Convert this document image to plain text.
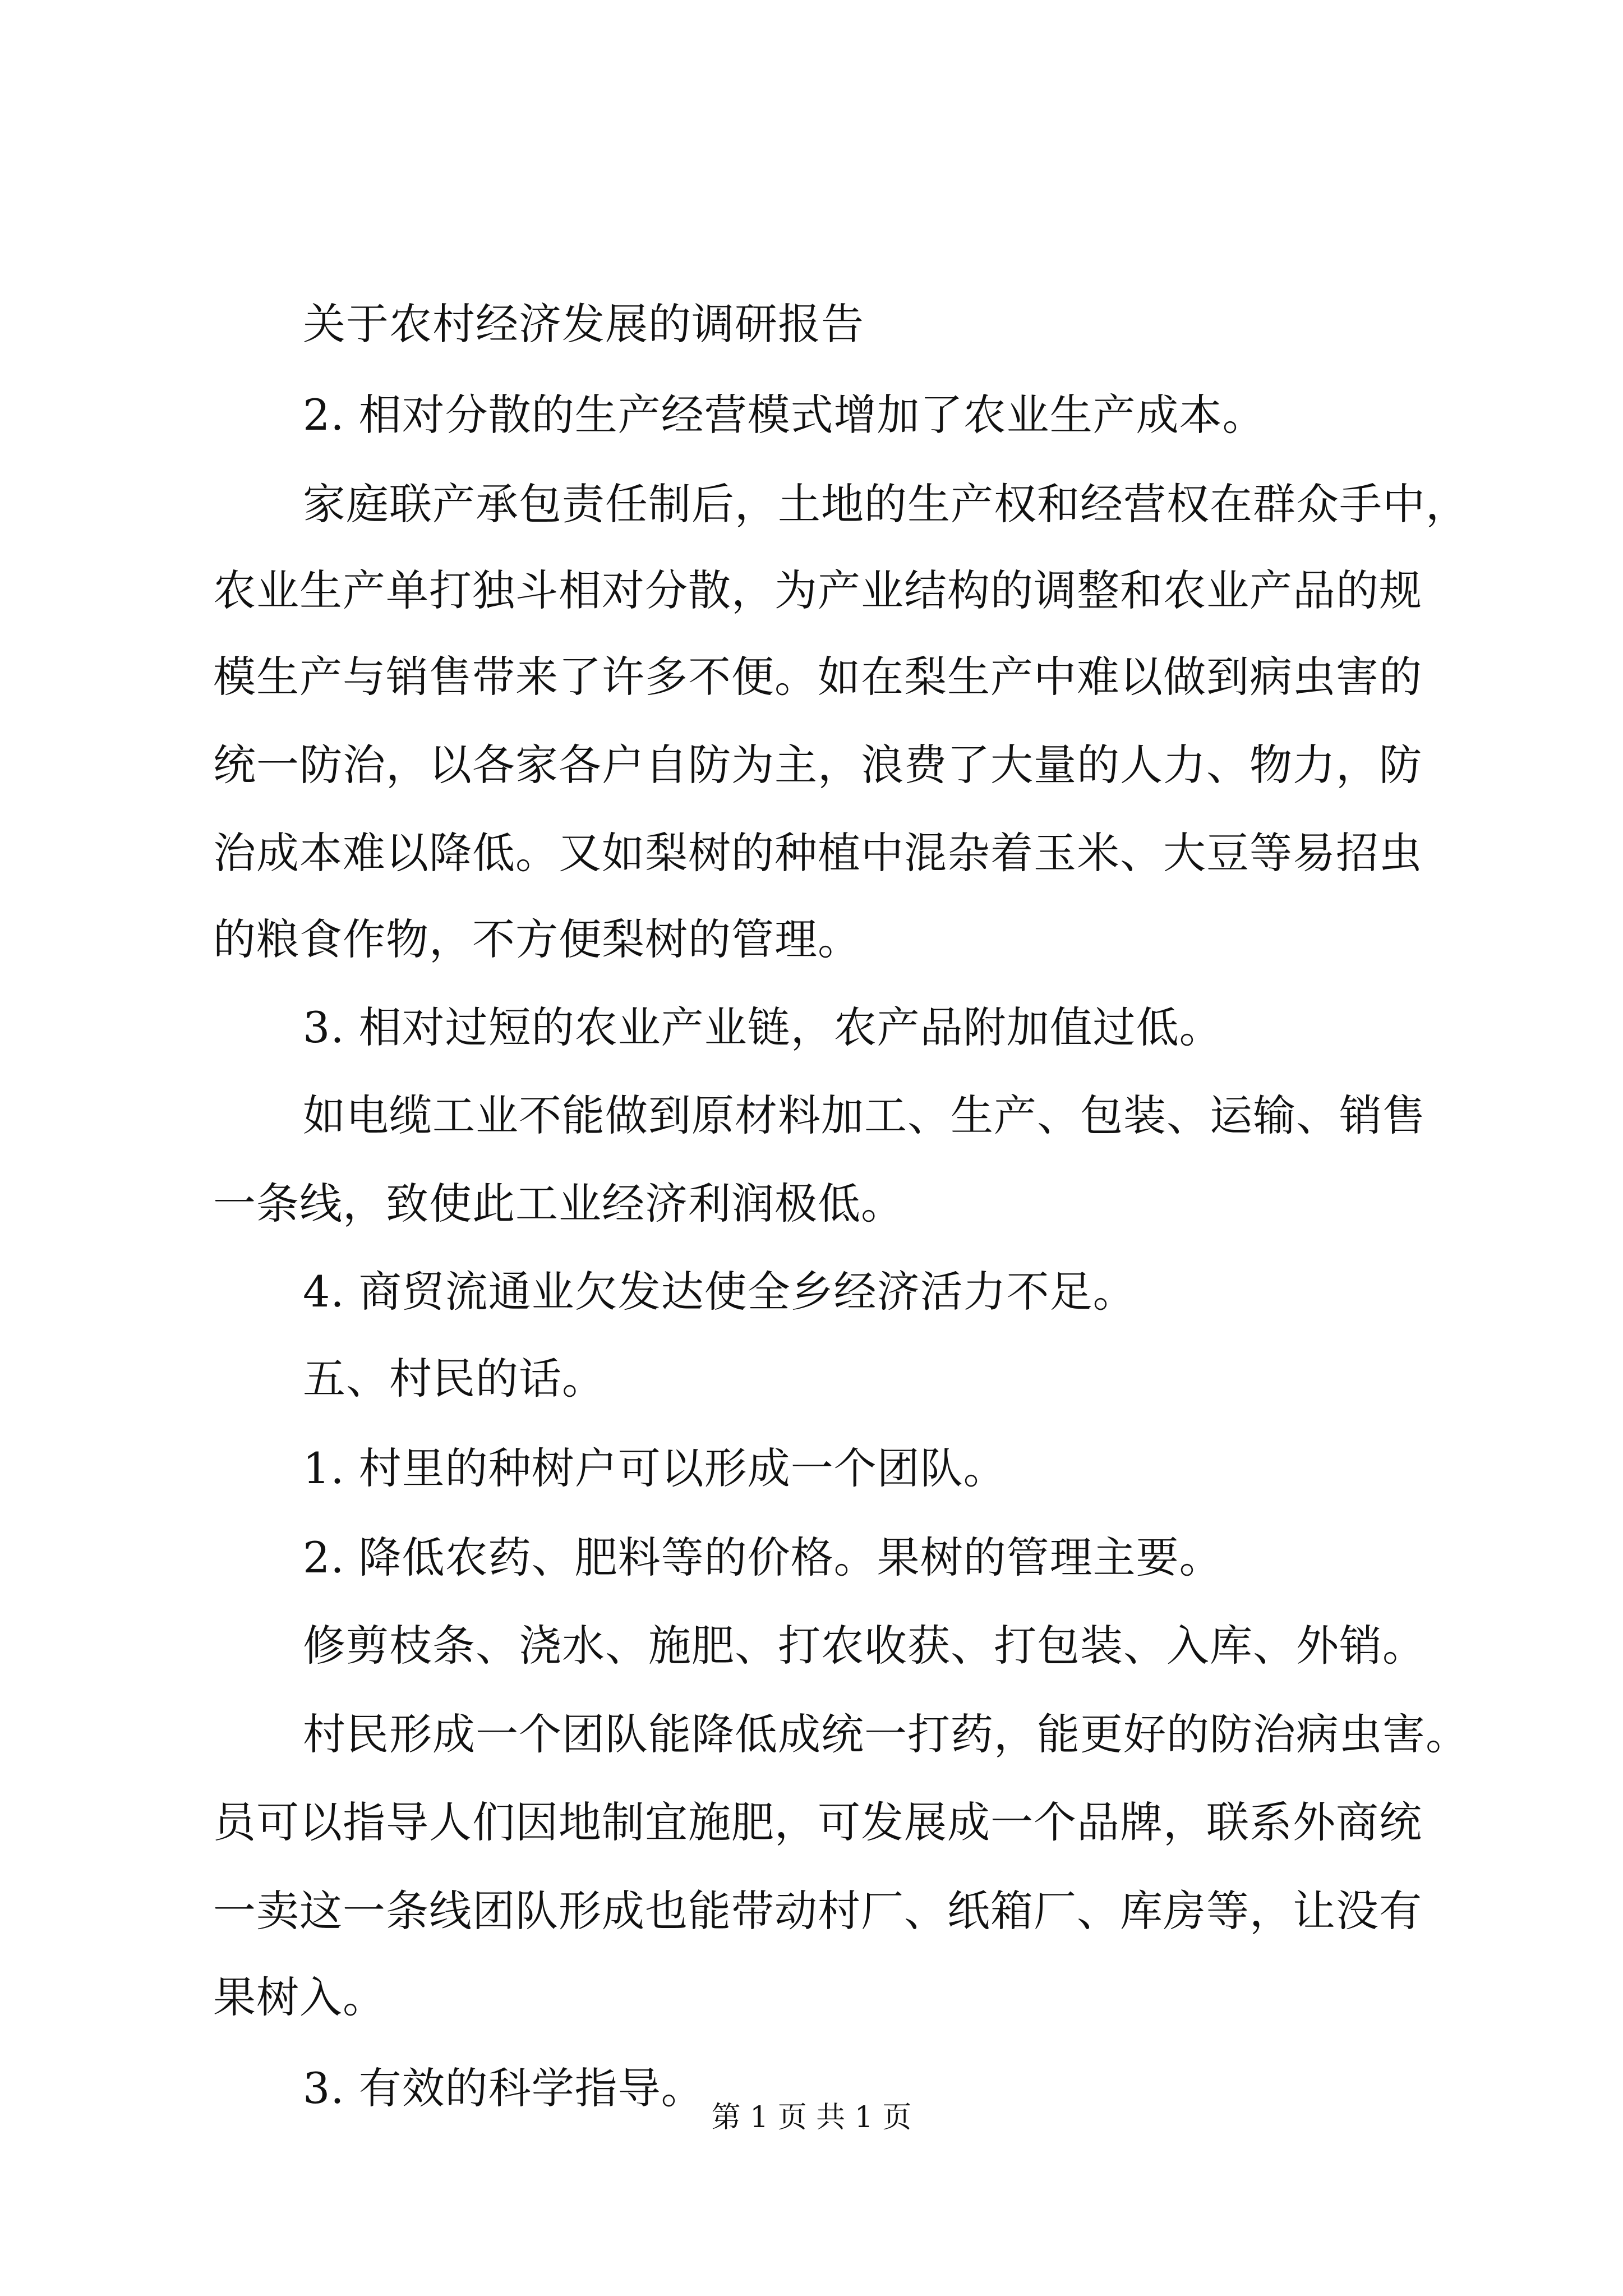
关于农村经济发展的调研报告
2. 相对分散的生产经营模式增加了农业生产成本。
家庭联产承包责任制后，土地的生产权和经营权在群众手中，
农业生产单打独斗相对分散，为产业结构的调整和农业产品的规
模生产与销售带来了许多不便。如在梨生产中难以做到病虫害的
统一防治，以各家各户自防为主，浪费了大量的人力、物力，防
治成本难以降低。又如梨树的种植中混杂着玉米、大豆等易招虫
的粮食作物，不方便梨树的管理。
3. 相对过短的农业产业链，农产品附加值过低。
如电缆工业不能做到原材料加工、生产、包装、运输、销售
一条线，致使此工业经济利润极低。
4. 商贸流通业欠发达使全乡经济活力不足。
五、村民的话。
1. 村里的种树户可以形成一个团队。
2. 降低农药、肥料等的价格。果树的管理主要。
修剪枝条、浇水、施肥、打农收获、打包装、入库、外销。
村民形成一个团队能降低成统一打药，能更好的防治病虫害。
员可以指导人们因地制宜施肥，可发展成一个品牌，联系外商统
一卖这一条线团队形成也能带动村厂、纸箱厂、库房等，让没有
果树入。
3. 有效的科学指导。
第 1 页 共 1 页
